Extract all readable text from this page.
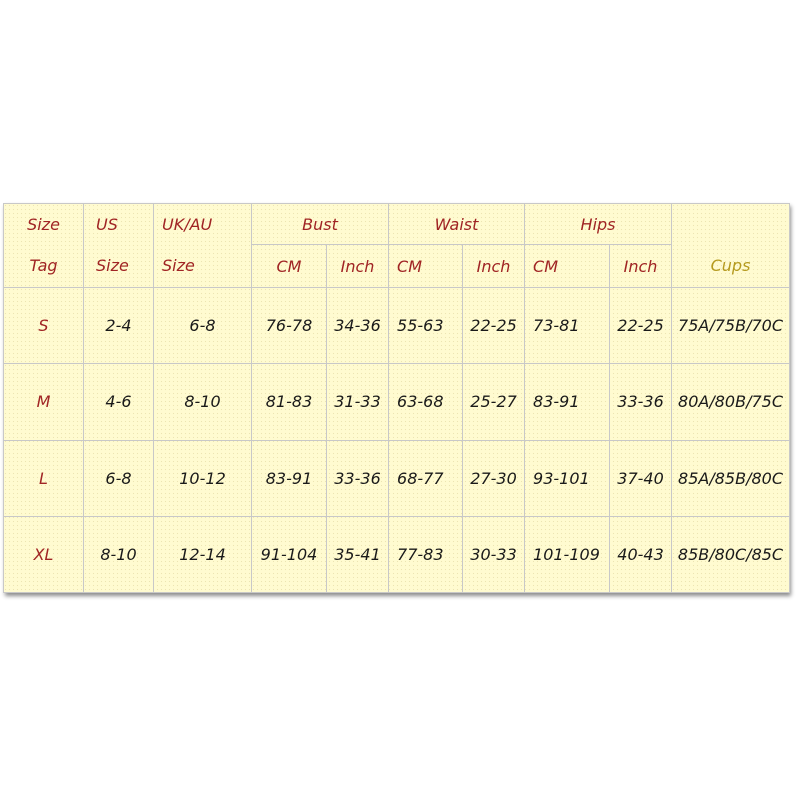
Size	US	UK/AU	Bust		Waist		Hips		Cups
Tag	Size	Size	CM	Inch	CM	Inch	CM	Inch	
S	2-4	6-8	76-78	34-36	55-63	22-25	73-81	22-25	75A/75B/70C
M	4-6	8-10	81-83	31-33	63-68	25-27	83-91	33-36	80A/80B/75C
L	6-8	10-12	83-91	33-36	68-77	27-30	93-101	37-40	85A/85B/80C
XL	8-10	12-14	91-104	35-41	77-83	30-33	101-109	40-43	85B/80C/85C
